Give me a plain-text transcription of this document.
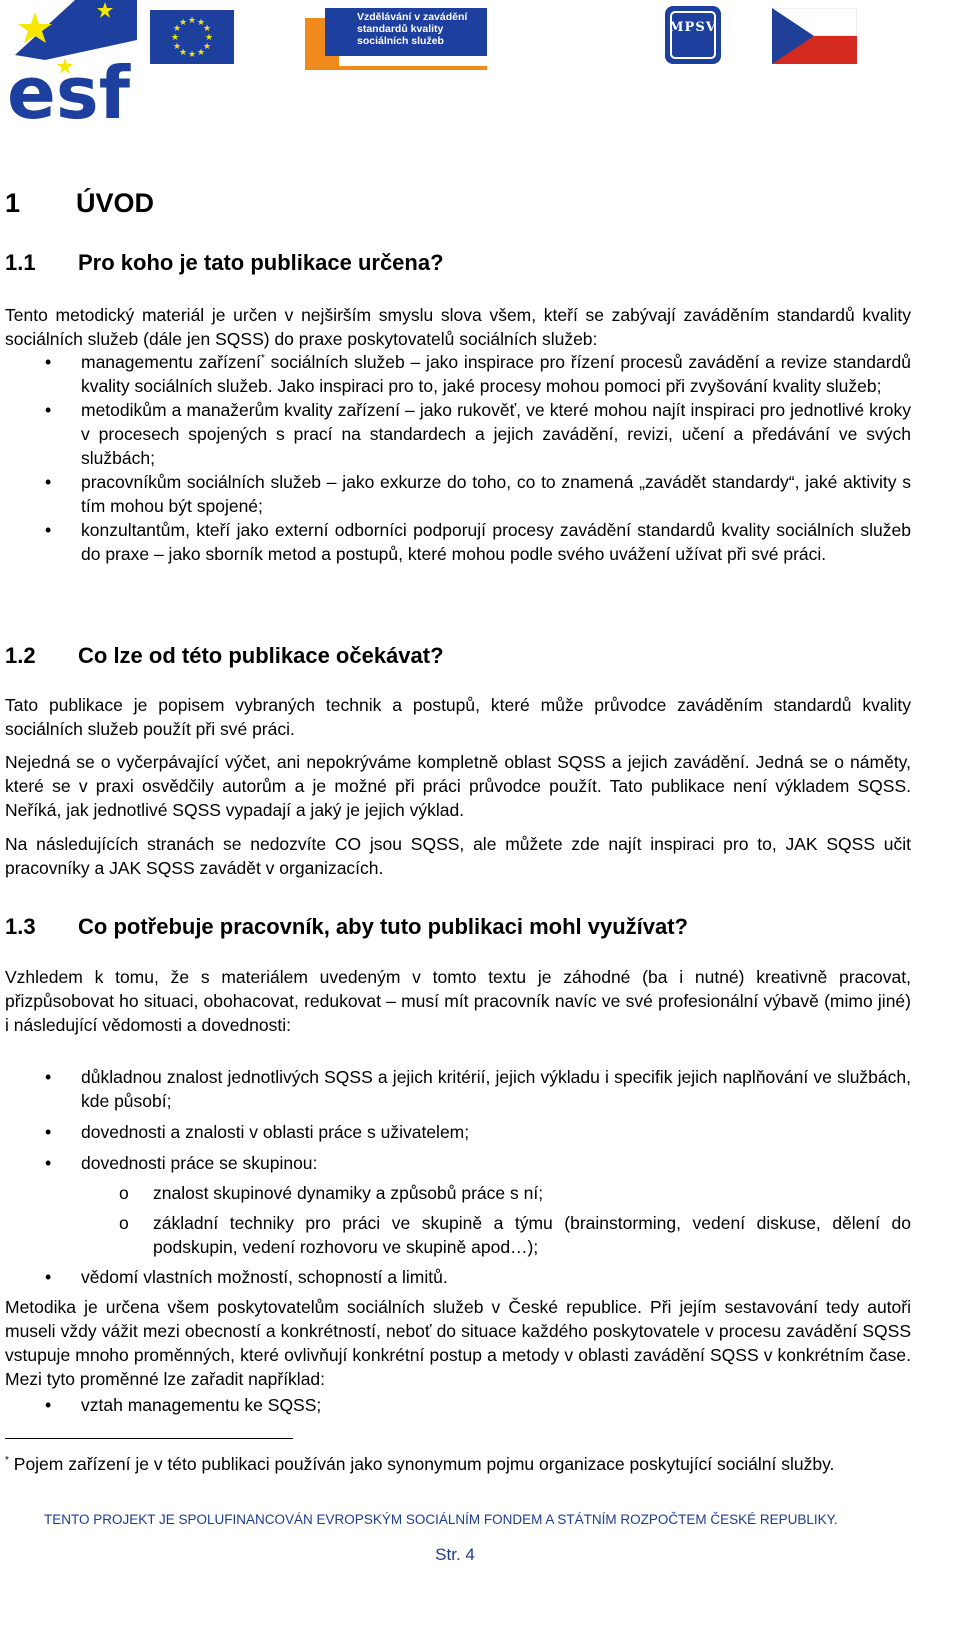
esf
★ ★
★
★
★
★
★
★
★
★
★
★	Vzdělávání v zavádění standardů kvality sociálních služeb
MPSV
1 ÚVOD
1.1 Pro koho je tato publikace určena?

Tento metodický materiál je určen v nejširším smyslu slova všem, kteří se zabývají zaváděním standardů kvality sociálních služeb (dále jen SQSS) do praxe poskytovatelů sociálních služeb:

• managementu zařízení* sociálních služeb – jako inspirace pro řízení procesů zavádění a revize standardů kvality sociálních služeb. Jako inspiraci pro to, jaké procesy mohou pomoci při zvyšování kvality služeb;
• metodikům a manažerům kvality zařízení – jako rukověť, ve které mohou najít inspiraci pro jednotlivé kroky v procesech spojených s prací na standardech a jejich zavádění, revizi, učení a předávání ve svých službách;
• pracovníkům sociálních služeb – jako exkurze do toho, co to znamená „zavádět standardy“, jaké aktivity s tím mohou být spojené;
• konzultantům, kteří jako externí odborníci podporují procesy zavádění standardů kvality sociálních služeb do praxe – jako sborník metod a postupů, které mohou podle svého uvážení užívat při své práci.
1.2 Co lze od této publikace očekávat?

Tato publikace je popisem vybraných technik a postupů, které může průvodce zaváděním standardů kvality sociálních služeb použít při své práci.

Nejedná se o vyčerpávající výčet, ani nepokrýváme kompletně oblast SQSS a jejich zavádění. Jedná se o náměty, které se v praxi osvědčily autorům a je možné při práci průvodce použít. Tato publikace není výkladem SQSS. Neříká, jak jednotlivé SQSS vypadají a jaký je jejich výklad.

Na následujících stranách se nedozvíte CO jsou SQSS, ale můžete zde najít inspiraci pro to, JAK SQSS učit pracovníky a JAK SQSS zavádět v organizacích.

1.3 Co potřebuje pracovník, aby tuto publikaci mohl využívat?

Vzhledem k tomu, že s materiálem uvedeným v tomto textu je záhodné (ba i nutné) kreativně pracovat, přizpůsobovat ho situaci, obohacovat, redukovat – musí mít pracovník navíc ve své profesionální výbavě (mimo jiné) i následující vědomosti a dovednosti:

• důkladnou znalost jednotlivých SQSS a jejich kritérií, jejich výkladu i specifik jejich naplňování ve službách, kde působí;
• dovednosti a znalosti v oblasti práce s uživatelem;
• dovednosti práce se skupinou:
o znalost skupinové dynamiky a způsobů práce s ní;
o základní techniky pro práci ve skupině a týmu (brainstorming, vedení diskuse, dělení do podskupin, vedení rozhovoru ve skupině apod…);
• vědomí vlastních možností, schopností a limitů.

Metodika je určena všem poskytovatelům sociálních služeb v České republice. Při jejím sestavování tedy autoři museli vždy vážit mezi obecností a konkrétností, neboť do situace každého poskytovatele v procesu zavádění SQSS vstupuje mnoho proměnných, které ovlivňují konkrétní postup a metody v oblasti zavádění SQSS v konkrétním čase. Mezi tyto proměnné lze zařadit například:

• vztah managementu ke SQSS;

* Pojem zařízení je v této publikaci používán jako synonymum pojmu organizace poskytující sociální služby.

TENTO PROJEKT JE SPOLUFINANCOVÁN EVROPSKÝM SOCIÁLNÍM FONDEM A STÁTNÍM ROZPOČTEM ČESKÉ REPUBLIKY.
Str. 4
